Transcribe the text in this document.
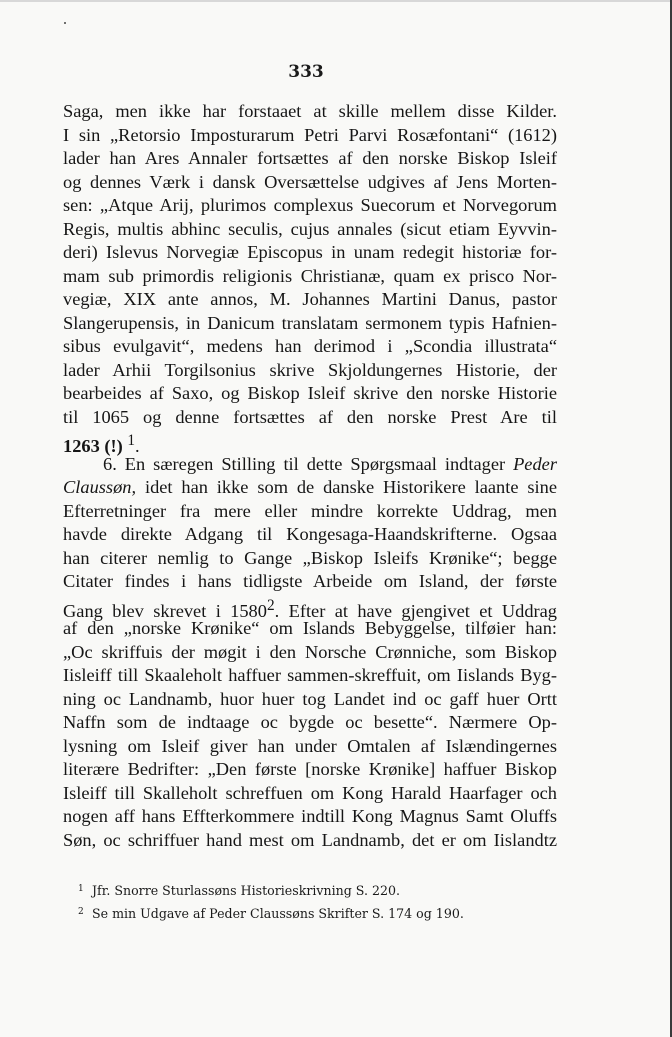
333
Saga, men ikke har forstaaet at skille mellem disse Kilder.
I sin „Retorsio Imposturarum Petri Parvi Rosæfontani“ (1612)
lader han Ares Annaler fortsættes af den norske Biskop Isleif
og dennes Værk i dansk Oversættelse udgives af Jens Morten-
sen: „Atque Arij, plurimos complexus Suecorum et Norvegorum
Regis, multis abhinc seculis, cujus annales (sicut etiam Eyvvin-
deri) Islevus Norvegiæ Episcopus in unam redegit historiæ for-
mam sub primordis religionis Christianæ, quam ex prisco Nor-
vegiæ, XIX ante annos, M. Johannes Martini Danus, pastor
Slangerupensis, in Danicum translatam sermonem typis Hafnien-
sibus evulgavit“, medens han derimod i „Scondia illustrata“
lader Arhii Torgilsonius skrive Skjoldungernes Historie, der
bearbeides af Saxo, og Biskop Isleif skrive den norske Historie
til 1065 og denne fortsættes af den norske Prest Are til
1263 (!) $^1$.
6. En særegen Stilling til dette Spørgsmaal indtager Peder
Claussøn, idet han ikke som de danske Historikere laante sine
Efterretninger fra mere eller mindre korrekte Uddrag, men
havde direkte Adgang til Kongesaga-Haandskrifterne. Ogsaa
han citerer nemlig to Gange „Biskop Isleifs Krønike“; begge
Citater findes i hans tidligste Arbeide om Island, der første
Gang blev skrevet i 1580$^2$. Efter at have gjengivet et Uddrag
af den „norske Krønike“ om Islands Bebyggelse, tilføier han:
„Oc skriffuis der møgit i den Norsche Crønniche, som Biskop
Iisleiff till Skaaleholt haffuer sammen-skreffuit, om Iislands Byg-
ning oc Landnamb, huor huer tog Landet ind oc gaff huer Ortt
Naffn som de indtaage oc bygde oc besette“. Nærmere Op-
lysning om Isleif giver han under Omtalen af Islændingernes
literære Bedrifter: „Den første [norske Krønike] haffuer Biskop
Isleiff till Skalleholt schreffuen om Kong Harald Haarfager och
nogen aff hans Effterkommere indtill Kong Magnus Samt Oluffs
Søn, oc schriffuer hand mest om Landnamb, det er om Iislandtz
1 Jfr. Snorre Sturlassøns Historieskrivning S. 220.
2 Se min Udgave af Peder Claussøns Skrifter S. 174 og 190.
